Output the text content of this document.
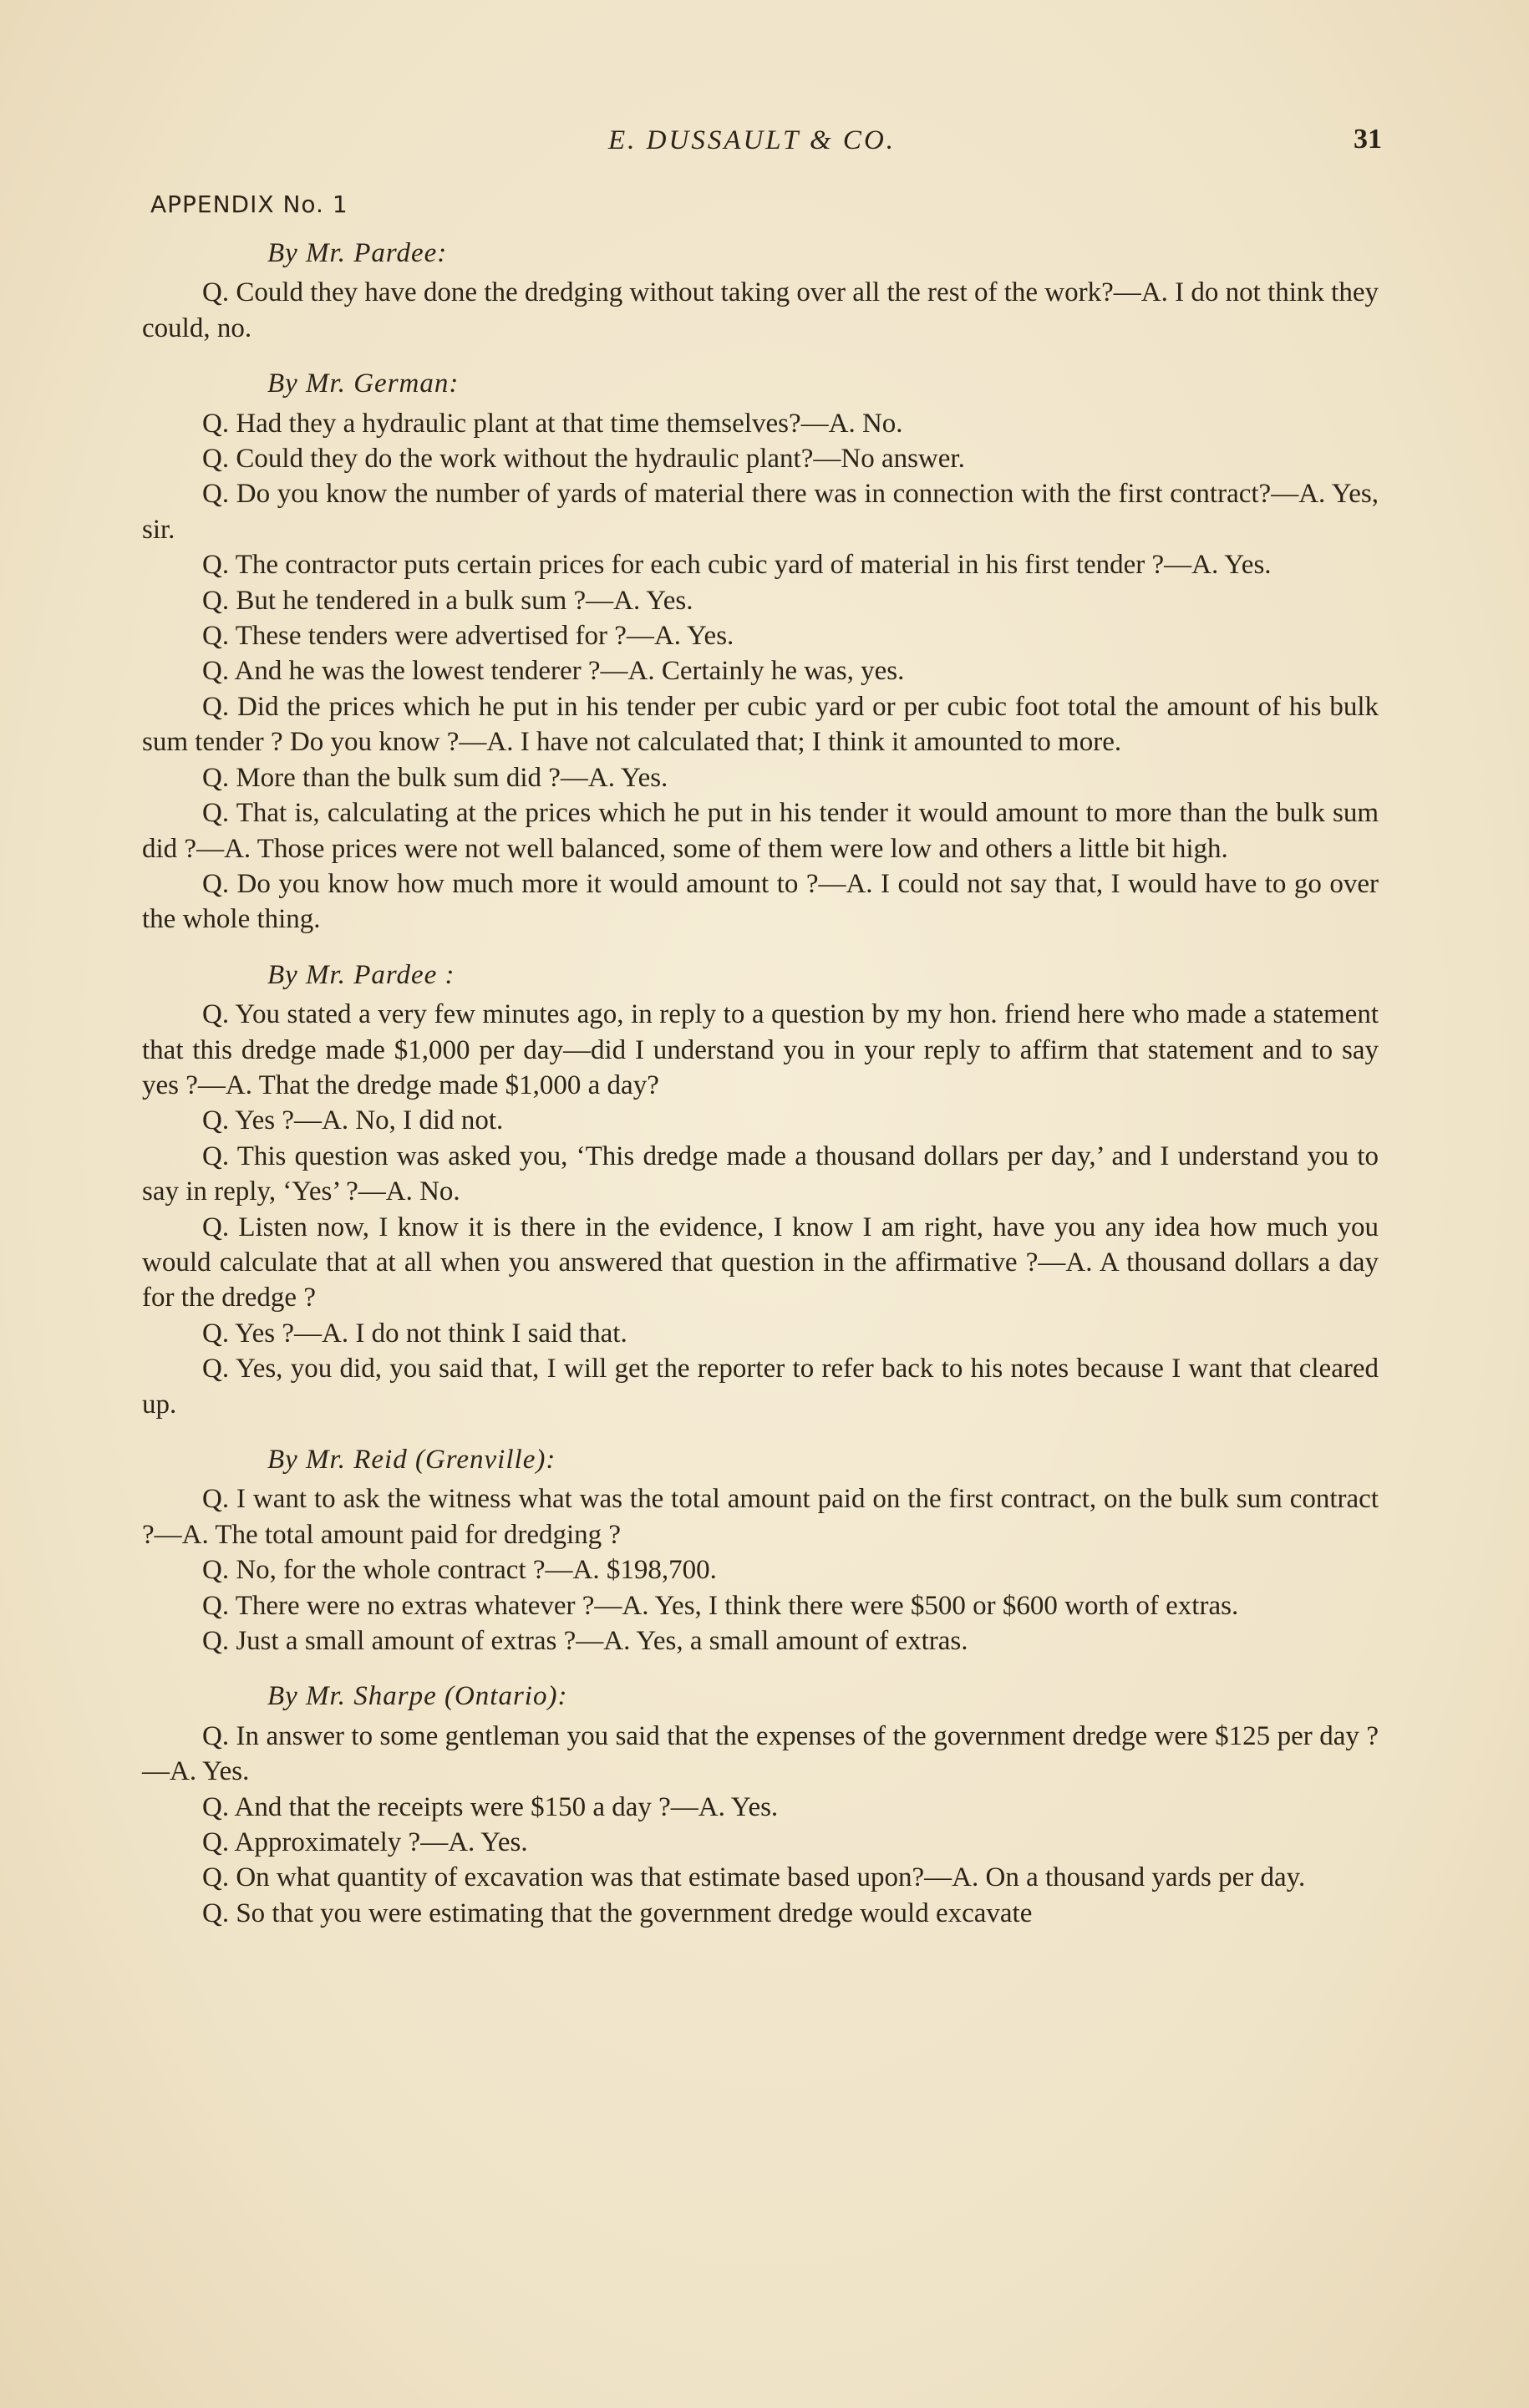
E. DUSSAULT & CO.	31
APPENDIX No. 1

By Mr. Pardee:

Q. Could they have done the dredging without taking over all the rest of the work?—A. I do not think they could, no.

By Mr. German:

Q. Had they a hydraulic plant at that time themselves?—A. No.

Q. Could they do the work without the hydraulic plant?—No answer.

Q. Do you know the number of yards of material there was in connection with the first contract?—A. Yes, sir.

Q. The contractor puts certain prices for each cubic yard of material in his first tender ?—A. Yes.

Q. But he tendered in a bulk sum ?—A. Yes.

Q. These tenders were advertised for ?—A. Yes.

Q. And he was the lowest tenderer ?—A. Certainly he was, yes.

Q. Did the prices which he put in his tender per cubic yard or per cubic foot total the amount of his bulk sum tender ? Do you know ?—A. I have not calculated that; I think it amounted to more.

Q. More than the bulk sum did ?—A. Yes.

Q. That is, calculating at the prices which he put in his tender it would amount to more than the bulk sum did ?—A. Those prices were not well balanced, some of them were low and others a little bit high.

Q. Do you know how much more it would amount to ?—A. I could not say that, I would have to go over the whole thing.

By Mr. Pardee :

Q. You stated a very few minutes ago, in reply to a question by my hon. friend here who made a statement that this dredge made $1,000 per day—did I understand you in your reply to affirm that statement and to say yes ?—A. That the dredge made $1,000 a day?

Q. Yes ?—A. No, I did not.

Q. This question was asked you, ‘This dredge made a thousand dollars per day,’ and I understand you to say in reply, ‘Yes’ ?—A. No.

Q. Listen now, I know it is there in the evidence, I know I am right, have you any idea how much you would calculate that at all when you answered that question in the affirmative ?—A. A thousand dollars a day for the dredge ?

Q. Yes ?—A. I do not think I said that.

Q. Yes, you did, you said that, I will get the reporter to refer back to his notes because I want that cleared up.

By Mr. Reid (Grenville):

Q. I want to ask the witness what was the total amount paid on the first contract, on the bulk sum contract ?—A. The total amount paid for dredging ?

Q. No, for the whole contract ?—A. $198,700.

Q. There were no extras whatever ?—A. Yes, I think there were $500 or $600 worth of extras.

Q. Just a small amount of extras ?—A. Yes, a small amount of extras.

By Mr. Sharpe (Ontario):

Q. In answer to some gentleman you said that the expenses of the government dredge were $125 per day ?—A. Yes.

Q. And that the receipts were $150 a day ?—A. Yes.

Q. Approximately ?—A. Yes.

Q. On what quantity of excavation was that estimate based upon?—A. On a thousand yards per day.

Q. So that you were estimating that the government dredge would excavate
